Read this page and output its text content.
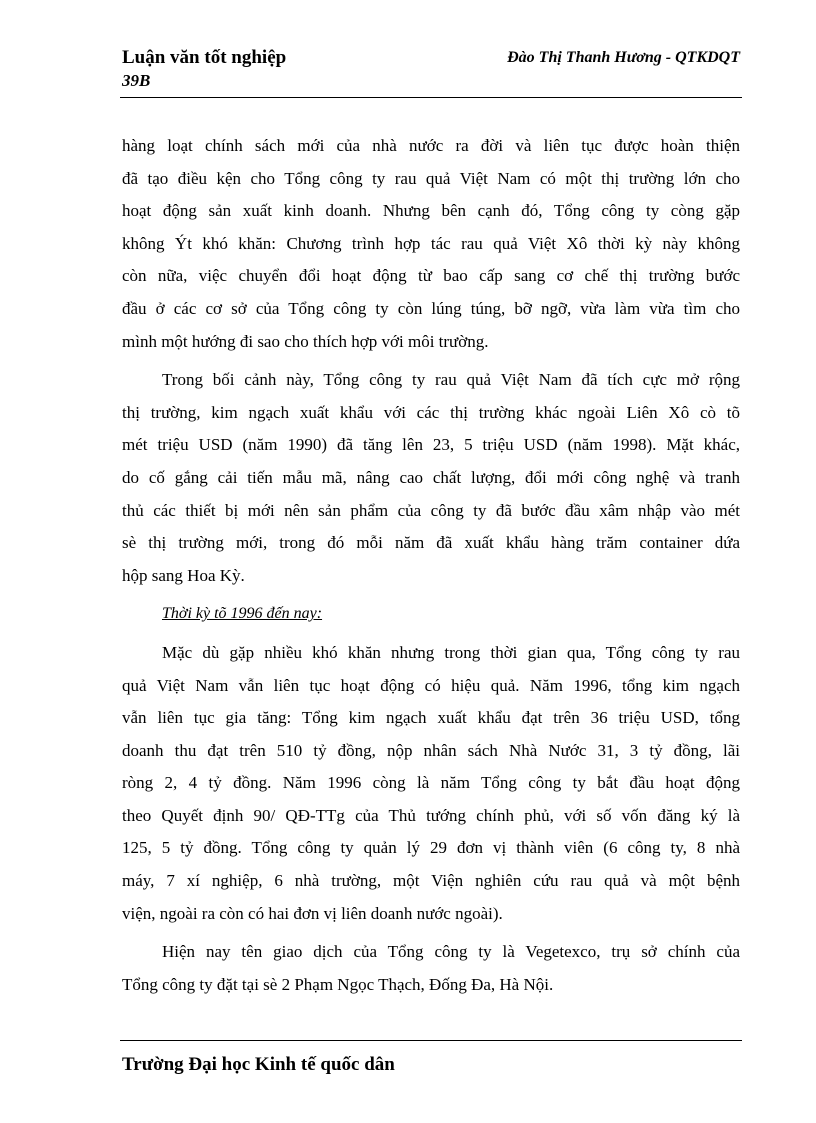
Luận văn tốt nghiệp
39B
Đào Thị Thanh Hương - QTKDQT
hàng loạt chính sách mới của nhà nước ra đời và liên tục được hoàn thiện
đã tạo điều kện cho Tổng công ty rau quả Việt Nam có một thị trường lớn cho
hoạt động sản xuất kinh doanh. Nhưng bên cạnh đó, Tổng công ty còng gặp
không Ýt khó khăn: Chương trình hợp tác rau quả Việt Xô thời kỳ này không
còn nữa, việc chuyển đổi hoạt động từ bao cấp sang cơ chế thị trường bước
đầu ở các cơ sở của Tổng công ty còn lúng túng, bỡ ngỡ, vừa làm vừa tìm cho
mình một hướng đi sao cho thích hợp với môi trường.
Trong bối cảnh này, Tổng công ty rau quả Việt Nam đã tích cực mở rộng
thị trường, kim ngạch xuất khẩu với các thị trường khác ngoài Liên Xô cò tõ
mét triệu USD (năm 1990) đã tăng lên 23, 5 triệu USD (năm 1998). Mặt khác,
do cố gắng cải tiến mẫu mã, nâng cao chất lượng, đổi mới công nghệ và tranh
thủ các thiết bị mới nên sản phẩm của công ty đã bước đầu xâm nhập vào mét
sè thị trường mới, trong đó mỗi năm đã xuất khẩu hàng trăm container dứa
hộp sang Hoa Kỳ.
Thời kỳ tõ 1996 đến nay:
Mặc dù gặp nhiều khó khăn nhưng trong thời gian qua, Tổng công ty rau
quả Việt Nam vẫn liên tục hoạt động có hiệu quả. Năm 1996, tổng kim ngạch
vẫn liên tục gia tăng: Tổng kim ngạch xuất khẩu đạt trên 36 triệu USD, tổng
doanh thu đạt trên 510 tỷ đồng, nộp nhân sách Nhà Nước 31, 3 tỷ đồng, lãi
ròng 2, 4 tỷ đồng. Năm 1996 còng là năm Tổng công ty bắt đầu hoạt động
theo Quyết định 90/ QĐ-TTg của Thủ tướng chính phủ, với số vốn đăng ký là
125, 5 tỷ đồng. Tổng công ty quản lý 29 đơn vị thành viên (6 công ty, 8 nhà
máy, 7 xí nghiệp, 6 nhà trường, một Viện nghiên cứu rau quả và một bệnh
viện, ngoài ra còn có hai đơn vị liên doanh nước ngoài).
Hiện nay tên giao dịch của Tổng công ty là Vegetexco, trụ sở chính của
Tổng công ty đặt tại sè 2 Phạm Ngọc Thạch, Đống Đa, Hà Nội.
Trường Đại học Kinh tế quốc dân
